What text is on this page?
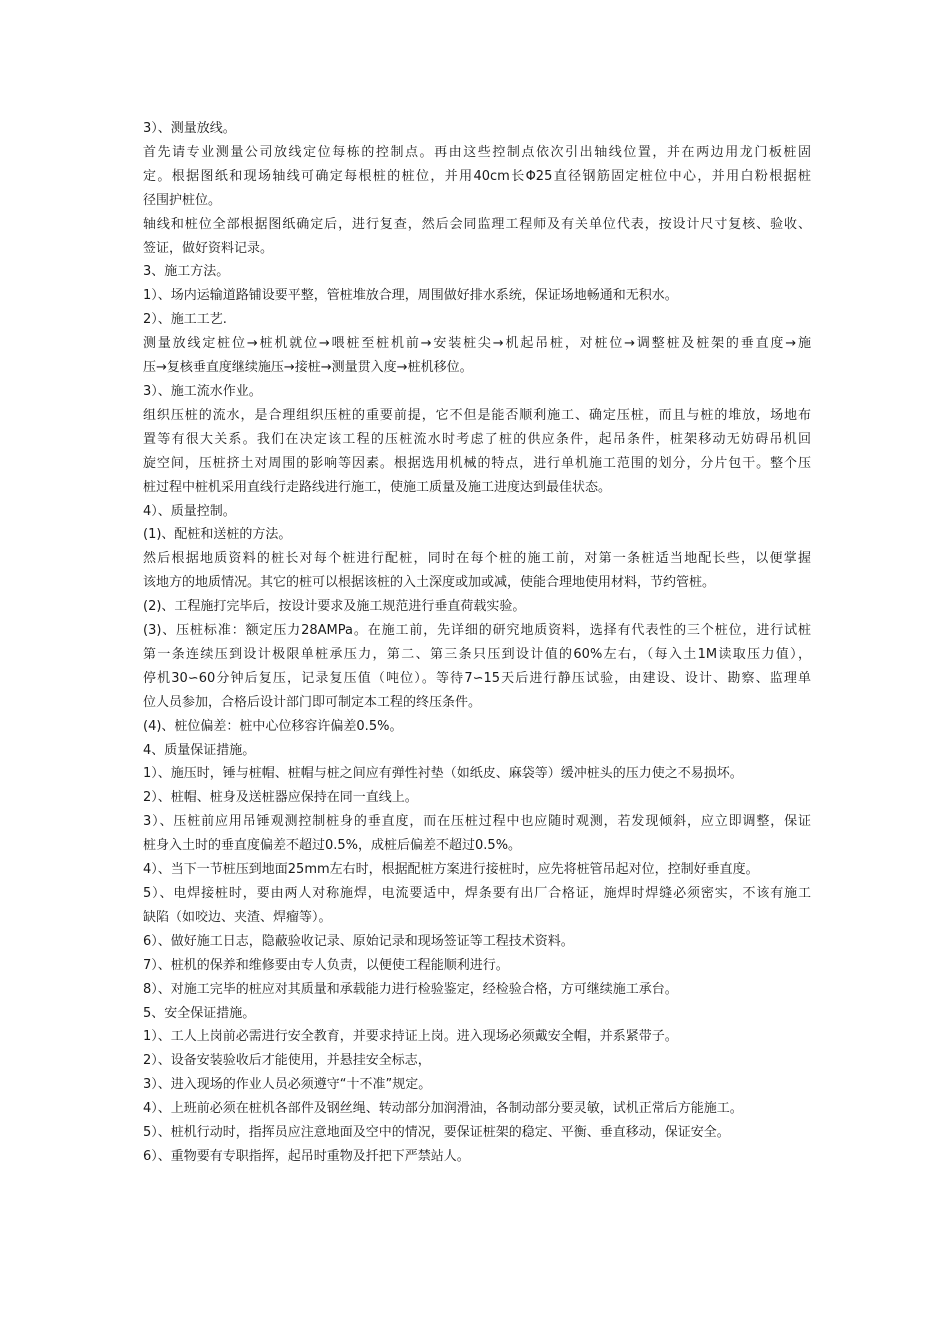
3）、测量放线。
首先请专业测量公司放线定位每栋的控制点。再由这些控制点依次引出轴线位置，并在两边用龙门板桩固
定。根据图纸和现场轴线可确定每根桩的桩位，并用40cm长Φ25直径钢筋固定桩位中心，并用白粉根据桩
径围护桩位。
轴线和桩位全部根据图纸确定后，进行复查，然后会同监理工程师及有关单位代表，按设计尺寸复核、验收、
签证，做好资料记录。
3、施工方法。
1）、场内运输道路铺设要平整，管桩堆放合理，周围做好排水系统，保证场地畅通和无积水。
2）、施工工艺.
测量放线定桩位→桩机就位→喂桩至桩机前→安装桩尖→机起吊桩，对桩位→调整桩及桩架的垂直度→施
压→复核垂直度继续施压→接桩→测量贯入度→桩机移位。
3）、施工流水作业。
组织压桩的流水，是合理组织压桩的重要前提，它不但是能否顺利施工、确定压桩，而且与桩的堆放，场地布
置等有很大关系。我们在决定该工程的压桩流水时考虑了桩的供应条件，起吊条件，桩架移动无妨碍吊机回
旋空间，压桩挤土对周围的影响等因素。根据选用机械的特点，进行单机施工范围的划分，分片包干。整个压
桩过程中桩机采用直线行走路线进行施工，使施工质量及施工进度达到最佳状态。
4）、质量控制。
(1)、配桩和送桩的方法。
然后根据地质资料的桩长对每个桩进行配桩，同时在每个桩的施工前，对第一条桩适当地配长些，以便掌握
该地方的地质情况。其它的桩可以根据该桩的入土深度或加或减，使能合理地使用材料，节约管桩。
(2)、工程施打完毕后，按设计要求及施工规范进行垂直荷载实验。
(3)、压桩标准：额定压力28AMPa。在施工前，先详细的研究地质资料，选择有代表性的三个桩位，进行试桩
第一条连续压到设计极限单桩承压力，第二、第三条只压到设计值的60%左右，（每入土1M读取压力值），
停机30∽60分钟后复压，记录复压值（吨位）。等待7∽15天后进行静压试验，由建设、设计、勘察、监理单
位人员参加，合格后设计部门即可制定本工程的终压条件。
(4)、桩位偏差：桩中心位移容许偏差0.5%。
4、质量保证措施。
1）、施压时，锤与桩帽、桩帽与桩之间应有弹性衬垫（如纸皮、麻袋等）缓冲桩头的压力使之不易损坏。
2）、桩帽、桩身及送桩器应保持在同一直线上。
3）、压桩前应用吊锤观测控制桩身的垂直度，而在压桩过程中也应随时观测，若发现倾斜，应立即调整，保证
桩身入土时的垂直度偏差不超过0.5%，成桩后偏差不超过0.5%。
4）、当下一节桩压到地面25mm左右时，根据配桩方案进行接桩时，应先将桩管吊起对位，控制好垂直度。
5）、电焊接桩时，要由两人对称施焊，电流要适中，焊条要有出厂合格证，施焊时焊缝必须密实，不该有施工
缺陷（如咬边、夹渣、焊瘤等）。
6）、做好施工日志，隐蔽验收记录、原始记录和现场签证等工程技术资料。
7）、桩机的保养和维修要由专人负责，以便使工程能顺利进行。
8）、对施工完毕的桩应对其质量和承载能力进行检验鉴定，经检验合格，方可继续施工承台。
5、安全保证措施。
1）、工人上岗前必需进行安全教育，并要求持证上岗。进入现场必须戴安全帽，并系紧带子。
2）、设备安装验收后才能使用，并悬挂安全标志，
3）、进入现场的作业人员必须遵守“十不准”规定。
4）、上班前必须在桩机各部件及钢丝绳、转动部分加润滑油，各制动部分要灵敏，试机正常后方能施工。
5）、桩机行动时，指挥员应注意地面及空中的情况，要保证桩架的稳定、平衡、垂直移动，保证安全。
6）、重物要有专职指挥，起吊时重物及扦把下严禁站人。
